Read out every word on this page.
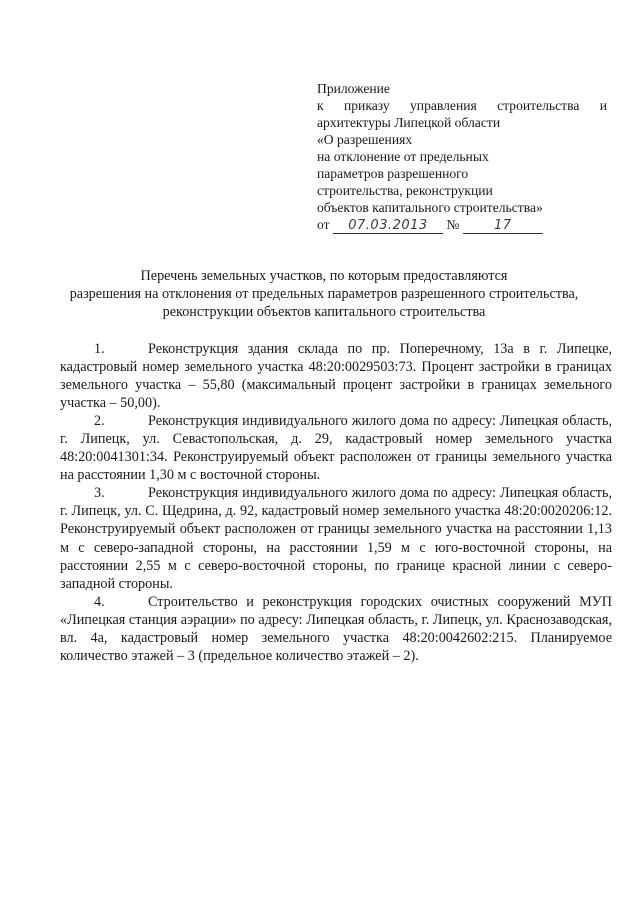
Приложение
к приказу управления строительства и
архитектуры Липецкой области
«О разрешениях
на отклонение от предельных
параметров разрешенного
строительства, реконструкции
объектов капитального строительства»
от 07.03.2013 №	17
Перечень земельных участков, по которым предоставляются
разрешения на отклонения от предельных параметров разрешенного строительства,
реконструкции объектов капитального строительства

1.	Реконструкция здания склада по пр. Поперечному, 13а в г. Липецке, кадастровый номер земельного участка 48:20:0029503:73. Процент застройки в границах земельного участка – 55,80 (максимальный процент застройки в границах земельного участка – 50,00).

2.	Реконструкция индивидуального жилого дома по адресу: Липецкая область, г. Липецк, ул. Севастопольская, д. 29, кадастровый номер земельного участка 48:20:0041301:34. Реконструируемый объект расположен от границы земельного участка на расстоянии 1,30 м с восточной стороны.

3.	Реконструкция индивидуального жилого дома по адресу: Липецкая область, г. Липецк, ул. С. Щедрина, д. 92, кадастровый номер земельного участка 48:20:0020206:12. Реконструируемый объект расположен от границы земельного участка на расстоянии 1,13 м с северо-западной стороны, на расстоянии 1,59 м с юго-восточной стороны, на расстоянии 2,55 м с северо-восточной стороны, по границе красной линии с северо-западной стороны.

4.	Строительство и реконструкция городских очистных сооружений МУП «Липецкая станция аэрации» по адресу: Липецкая область, г. Липецк, ул. Краснозаводская, вл. 4а, кадастровый номер земельного участка 48:20:0042602:215. Планируемое количество этажей – 3 (предельное количество этажей – 2).
